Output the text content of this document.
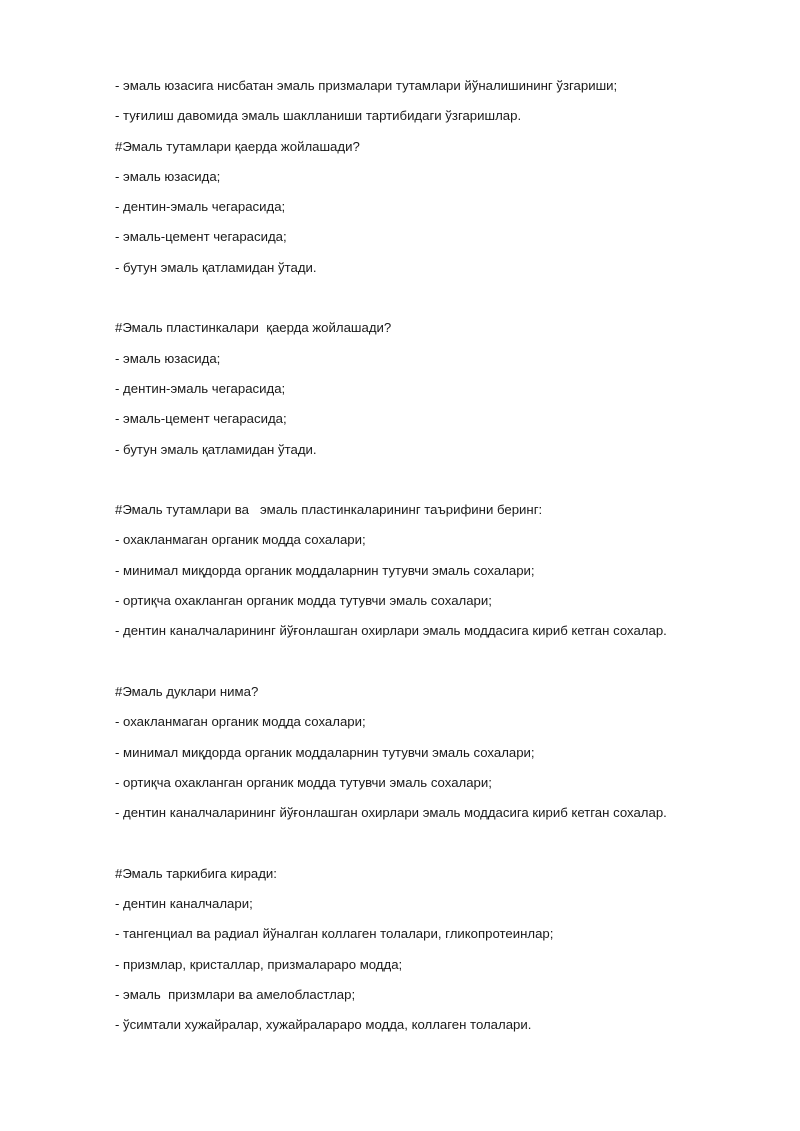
- эмаль юзасига нисбатан эмаль призмалари тутамлари йўналишининг ўзгариши;

- туғилиш давомида эмаль шаклланиши тартибидаги ўзгаришлар.

#Эмаль тутамлари қаерда жойлашади?

- эмаль юзасида;

- дентин-эмаль чегарасида;

- эмаль-цемент чегарасида;

- бутун эмаль қатламидан ўтади.

#Эмаль пластинкалари  қаерда жойлашади?

- эмаль юзасида;

- дентин-эмаль чегарасида;

- эмаль-цемент чегарасида;

- бутун эмаль қатламидан ўтади.

#Эмаль тутамлари ва   эмаль пластинкаларининг таърифини беринг:

- охакланмаган органик модда сохалари;

- минимал миқдорда органик моддаларнин тутувчи эмаль сохалари;

- ортиқча охакланган органик модда тутувчи эмаль сохалари;

- дентин каналчаларининг йўғонлашган охирлари эмаль моддасига кириб кетган сохалар.

#Эмаль дуклари нима?

- охакланмаган органик модда сохалари;

- минимал миқдорда органик моддаларнин тутувчи эмаль сохалари;

- ортиқча охакланган органик модда тутувчи эмаль сохалари;

- дентин каналчаларининг йўғонлашган охирлари эмаль моддасига кириб кетган сохалар.

#Эмаль таркибига киради:

- дентин каналчалари;

- тангенциал ва радиал йўналган коллаген толалари, гликопротеинлар;

- призмлар, кристаллар, призмалараро модда;

- эмаль  призмлари ва амелобластлар;

- ўсимтали хужайралар, хужайралараро модда, коллаген толалари.
